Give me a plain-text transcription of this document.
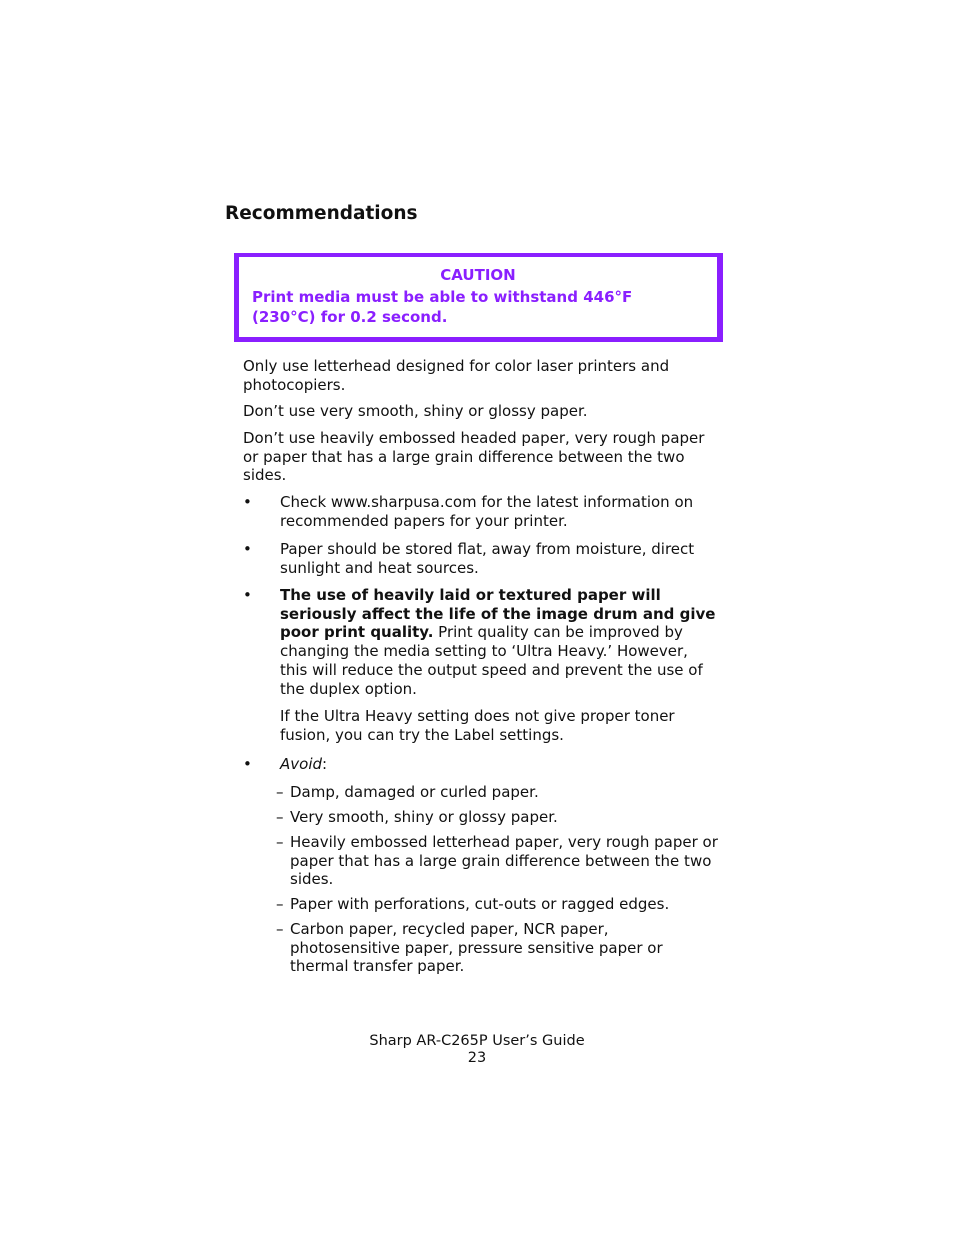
Recommendations
CAUTION
Print media must be able to withstand 446°F
(230°C) for 0.2 second.
Only use letterhead designed for color laser printers and
photocopiers.
Don’t use very smooth, shiny or glossy paper.
Don’t use heavily embossed headed paper, very rough paper
or paper that has a large grain difference between the two
sides.
• Check www.sharpusa.com for the latest information on
recommended papers for your printer.
• Paper should be stored flat, away from moisture, direct
sunlight and heat sources.
• The use of heavily laid or textured paper will
seriously affect the life of the image drum and give
poor print quality. Print quality can be improved by
changing the media setting to ‘Ultra Heavy.’ However,
this will reduce the output speed and prevent the use of
the duplex option.
If the Ultra Heavy setting does not give proper toner
fusion, you can try the Label settings.
• Avoid:
– Damp, damaged or curled paper.
– Very smooth, shiny or glossy paper.
– Heavily embossed letterhead paper, very rough paper or
paper that has a large grain difference between the two
sides.
– Paper with perforations, cut-outs or ragged edges.
– Carbon paper, recycled paper, NCR paper,
photosensitive paper, pressure sensitive paper or
thermal transfer paper.
Sharp AR-C265P User’s Guide
23
